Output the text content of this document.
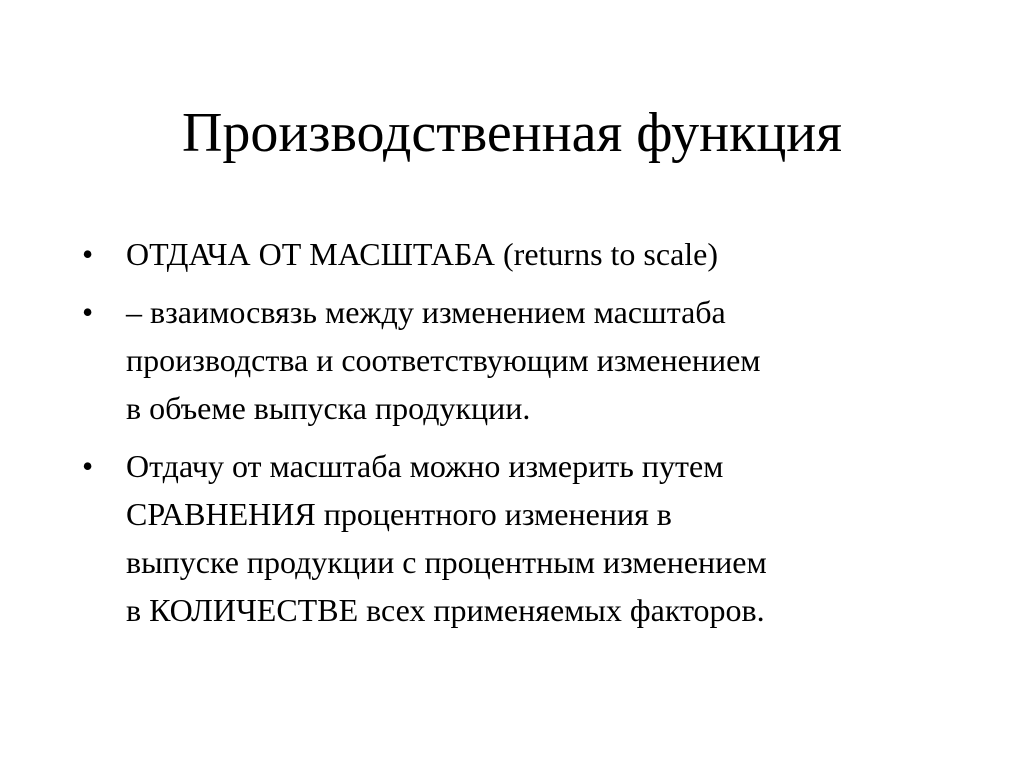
Производственная функция
•	ОТДАЧА ОТ МАСШТАБА (returns to scale)
•	– взаимосвязь между изменением масштаба
производства и соответствующим изменением
в объеме выпуска продукции.
•	Отдачу от масштаба можно измерить путем
СРАВНЕНИЯ процентного изменения в
выпуске продукции с процентным изменением
в КОЛИЧЕСТВЕ всех применяемых факторов.
